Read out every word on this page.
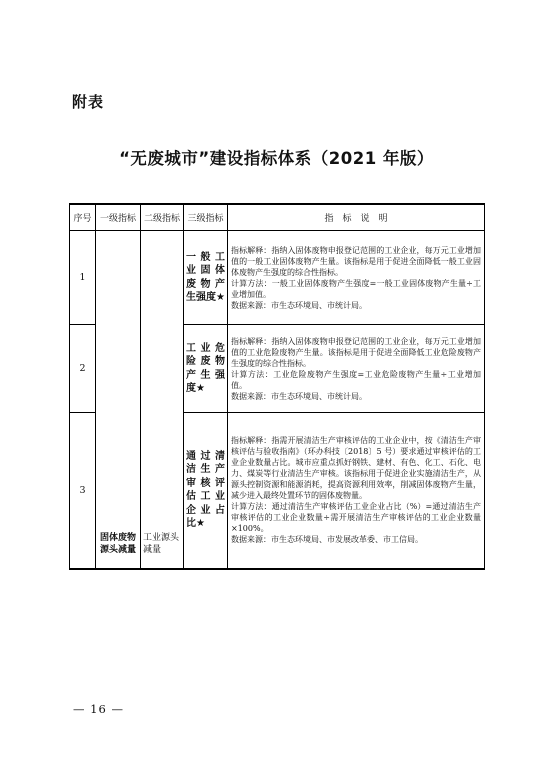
附表
“无废城市”建设指标体系（2021 年版）
序号	一级指标	二级指标	三级指标	指　标　说　明
1	固体废物源头减量	工业源头减量	一般工业固体废物产生强度★	指标解释：指纳入固体废物申报登记范围的工业企业，每万元工业增加值的一般工业固体废物产生量。该指标是用于促进全面降低一般工业固体废物产生强度的综合性指标。

计算方法：一般工业固体废物产生强度=一般工业固体废物产生量÷工业增加值。

数据来源：市生态环境局、市统计局。

2			工业危险废物产生强度★	指标解释：指纳入固体废物申报登记范围的工业企业，每万元工业增加值的工业危险废物产生量。该指标是用于促进全面降低工业危险废物产生强度的综合性指标。

计算方法：工业危险废物产生强度=工业危险废物产生量÷工业增加值。

数据来源：市生态环境局、市统计局。

3			通过清洁生产审核评估工业企业占比★	指标解释：指需开展清洁生产审核评估的工业企业中，按《清洁生产审核评估与验收指南》（环办科技〔2018〕5 号）要求通过审核评估的工业企业数量占比。城市应重点抓好钢铁、建材、有色、化工、石化、电力、煤炭等行业清洁生产审核。该指标用于促进企业实施清洁生产，从源头控制资源和能源消耗，提高资源利用效率，削减固体废物产生量，减少进入最终处置环节的固体废物量。

计算方法：通过清洁生产审核评估工业企业占比（%）=通过清洁生产审核评估的工业企业数量÷需开展清洁生产审核评估的工业企业数量×100%。

数据来源：市生态环境局、市发展改革委、市工信局。

— 16 —
